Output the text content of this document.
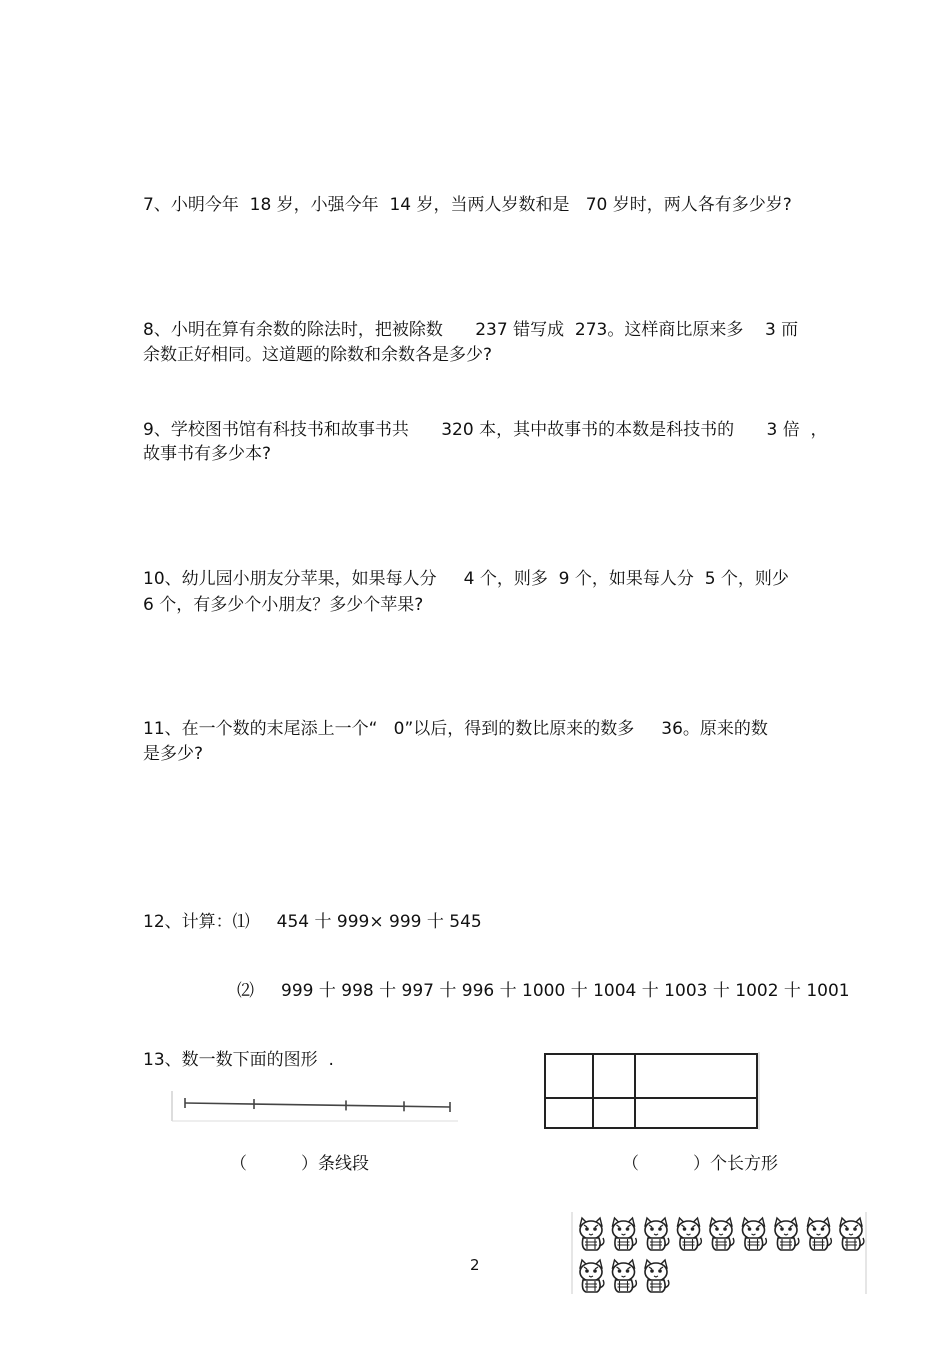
7、小明今年  18 岁，小强今年  14 岁，当两人岁数和是   70 岁时，两人各有多少岁?
8、小明在算有余数的除法时，把被除数      237 错写成  273。这样商比原来多    3 而
余数正好相同。这道题的除数和余数各是多少?
9、学校图书馆有科技书和故事书共      320 本，其中故事书的本数是科技书的      3 倍  ，
故事书有多少本?
10、幼儿园小朋友分苹果，如果每人分     4 个，则多  9 个，如果每人分  5 个，则少
6 个，有多少个小朋友？多少个苹果?
11、在一个数的末尾添上一个“   0”以后，得到的数比原来的数多     36。原来的数
是多少?
12、计算：⑴     454 十 999× 999 十 545
⑵     999 十 998 十 997 十 996 十 1000 十 1004 十 1003 十 1002 十 1001
13、数一数下面的图形  .
（          ）条线段	（          ）个长方形
2
